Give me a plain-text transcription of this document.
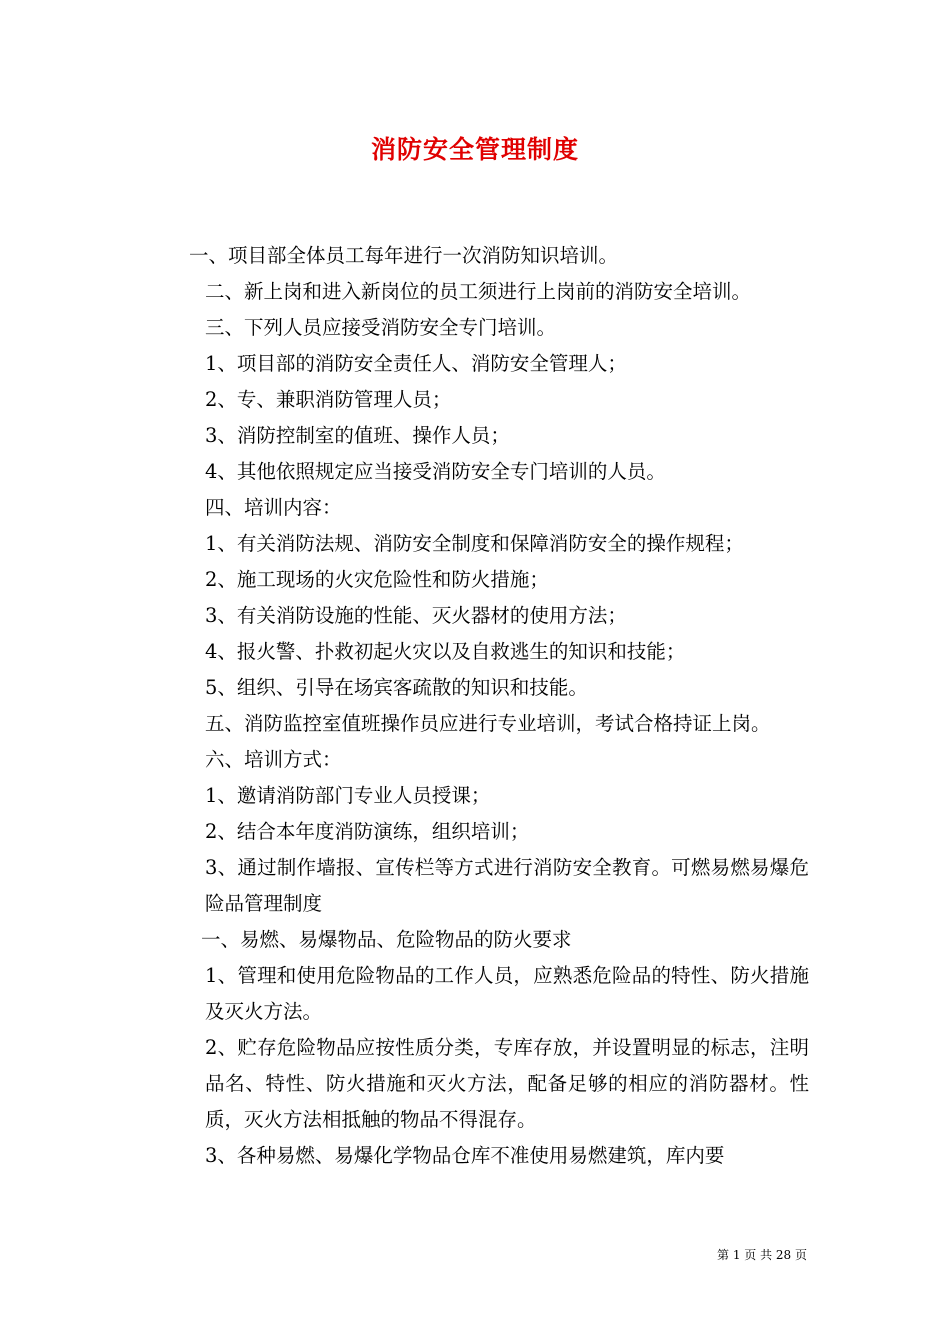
消防安全管理制度
一、项目部全体员工每年进行一次消防知识培训。
二、新上岗和进入新岗位的员工须进行上岗前的消防安全培训。
三、下列人员应接受消防安全专门培训。
1、项目部的消防安全责任人、消防安全管理人；
2、专、兼职消防管理人员；
3、消防控制室的值班、操作人员；
4、其他依照规定应当接受消防安全专门培训的人员。
四、培训内容：
1、有关消防法规、消防安全制度和保障消防安全的操作规程；
2、施工现场的火灾危险性和防火措施；
3、有关消防设施的性能、灭火器材的使用方法；
4、报火警、扑救初起火灾以及自救逃生的知识和技能；
5、组织、引导在场宾客疏散的知识和技能。
五、消防监控室值班操作员应进行专业培训，考试合格持证上岗。
六、培训方式：
1、邀请消防部门专业人员授课；
2、结合本年度消防演练，组织培训；
3、通过制作墙报、宣传栏等方式进行消防安全教育。可燃易燃易爆危险品管理制度
一、易燃、易爆物品、危险物品的防火要求
1、管理和使用危险物品的工作人员，应熟悉危险品的特性、防火措施及灭火方法。
2、贮存危险物品应按性质分类，专库存放，并设置明显的标志，注明品名、特性、防火措施和灭火方法，配备足够的相应的消防器材。性质，灭火方法相抵触的物品不得混存。
3、各种易燃、易爆化学物品仓库不准使用易燃建筑，库内要
第 1 页 共 28 页
